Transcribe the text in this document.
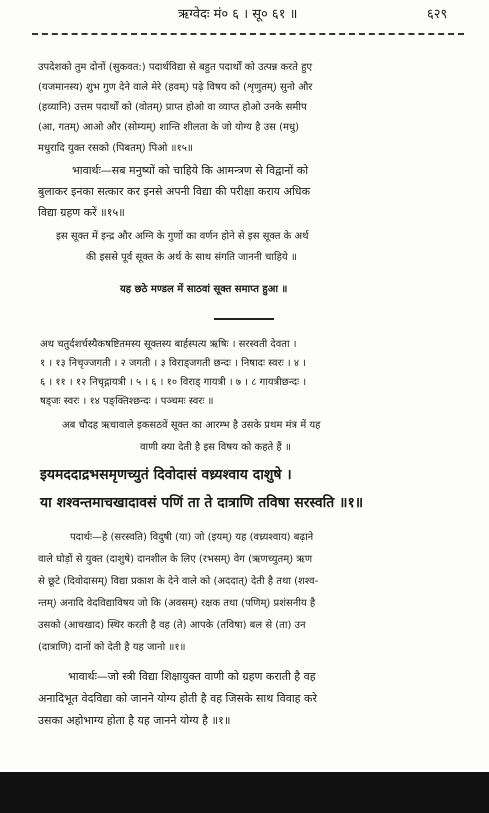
ऋग्वेदः मं० ६ । सू० ६१ ॥	६२९
उपदेशको तुम दोनों (सुकवत:) पदार्थविद्या से बहुत पदार्थों को उत्पन्न करते हुए
(यजमानस्य) शुभ गुण देने वाले मेरे (हवम्) पढ़े विषय को (शृणुतम्) सुनो और
(हव्यानि) उत्तम पदार्थों को (वोतम्) प्राप्त होओ वा व्याप्त होओ उनके समीप
(आ, गतम्) आओ और (सोम्यम्) शान्ति शीलता के जो योग्य है उस (मधु)
मधुरादि युक्त रसको (पिबतम्) पिओ ॥१५॥
भावार्थः—सब मनुष्यों को चाहिये कि आमन्त्रण से विद्वानों को
बुलाकर इनका सत्कार कर इनसे अपनी विद्या की परीक्षा कराय अधिक
विद्या ग्रहण करें ॥१५॥
इस सूक्त में इन्द्र और अग्नि के गुणों का वर्णन होने से इस सूक्त के अर्थ
की इससे पूर्व सूक्त के अर्थ के साथ संगति जाननी चाहिये ॥
यह छठे मण्डल में साठवां सूक्त समाप्त हुआ ॥
अथ चतुर्दशर्चस्यैकषष्टितमस्य सूक्तस्य बार्हस्पत्य ऋषिः । सरस्वती देवता ।
१ । १३ निचृज्जगती । २ जगती । ३ विराड्जगती छन्दः । निषादः स्वरः । ४ ।
६ । ११ । १२ निचृद्गायत्री । ५ । ६ । १० विराड् गायत्री । ७ । ८ गायत्रीछन्दः ।
षड्जः स्वरः । १४ पङ्क्तिश्छन्दः । पञ्चमः स्वरः ॥
अब चौदह ऋचावाले इकसठवें सूक्त का आरम्भ है उसके प्रथम मंत्र में यह
वाणी क्या देती है इस विषय को कहते हैं ॥
इयमददाद्रभसमृणच्युतं दिवोदासं वध्र्यश्वाय दाशुषे ।
या शश्वन्तमाचखादावसं पणिं ता ते दात्राणि तविषा सरस्वति ॥१॥
पदार्थः—हे (सरस्वति) विदुषी (या) जो (इयम्) यह (वध्र्यश्वाय) बढ़ाने
वाले घोड़ों से युक्त (दाशुषे) दानशील के लिए (रभसम्) वेग (ऋणच्युतम्) ऋण
से छूटे (दिवोदासम्) विद्या प्रकाश के देने वाले को (अददात्) देती है तथा (शश्व-
न्तम्) अनादि वेदविद्याविषय जो कि (अवसम्) रक्षक तथा (पणिम्) प्रशंसनीय है
उसको (आचखाद) स्थिर करती है वह (ते) आपके (तविषा) बल से (ता) उन
(दात्राणि) दानों को देती है यह जानो ॥१॥
भावार्थः—जो स्त्री विद्या शिक्षायुक्त वाणी को ग्रहण कराती है वह
अनादिभूत वेदविद्या को जानने योग्य होती है वह जिसके साथ विवाह करे
उसका अहोभाग्य होता है यह जानने योग्य है ॥१॥
